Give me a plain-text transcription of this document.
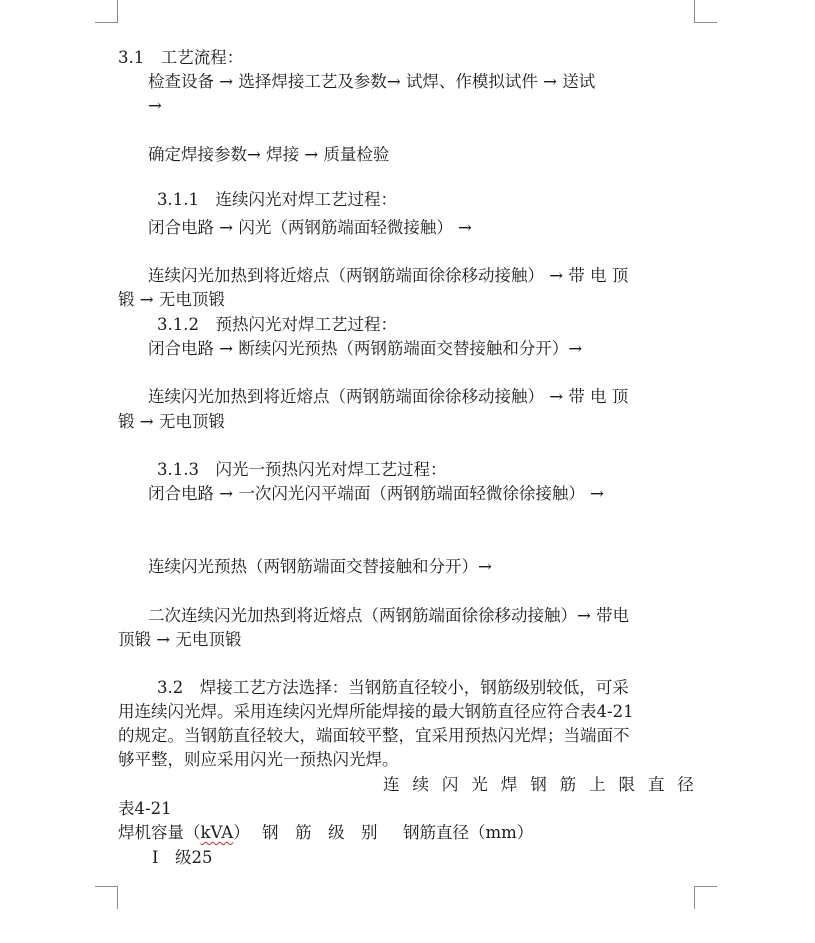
3.1　工艺流程：
检查设备 → 选择焊接工艺及参数→ 试焊、作模拟试件 → 送试
→
确定焊接参数→ 焊接 → 质量检验
3.1.1　连续闪光对焊工艺过程：
闭合电路 → 闪光（两钢筋端面轻微接触） →
连续闪光加热到将近熔点（两钢筋端面徐徐移动接触） → 带 电 顶
锻 → 无电顶锻
3.1.2　预热闪光对焊工艺过程：
闭合电路 → 断续闪光预热（两钢筋端面交替接触和分开）→
连续闪光加热到将近熔点（两钢筋端面徐徐移动接触） → 带 电 顶
锻 → 无电顶锻
3.1.3　闪光一预热闪光对焊工艺过程：
闭合电路 → 一次闪光闪平端面（两钢筋端面轻微徐徐接触） →
连续闪光预热（两钢筋端面交替接触和分开）→
二次连续闪光加热到将近熔点（两钢筋端面徐徐移动接触）→ 带电
顶锻 → 无电顶锻
3.2　焊接工艺方法选择：当钢筋直径较小，钢筋级别较低，可采
用连续闪光焊。采用连续闪光焊所能焊接的最大钢筋直径应符合表4-21
的规定。当钢筋直径较大，端面较平整，宜采用预热闪光焊；当端面不
够平整，则应采用闪光一预热闪光焊。
连 续 闪 光 焊 钢 筋 上 限 直 径
表4-21
焊机容量（kVA） 钢　筋　级　别 钢筋直径（mm）
Ⅰ　级25
